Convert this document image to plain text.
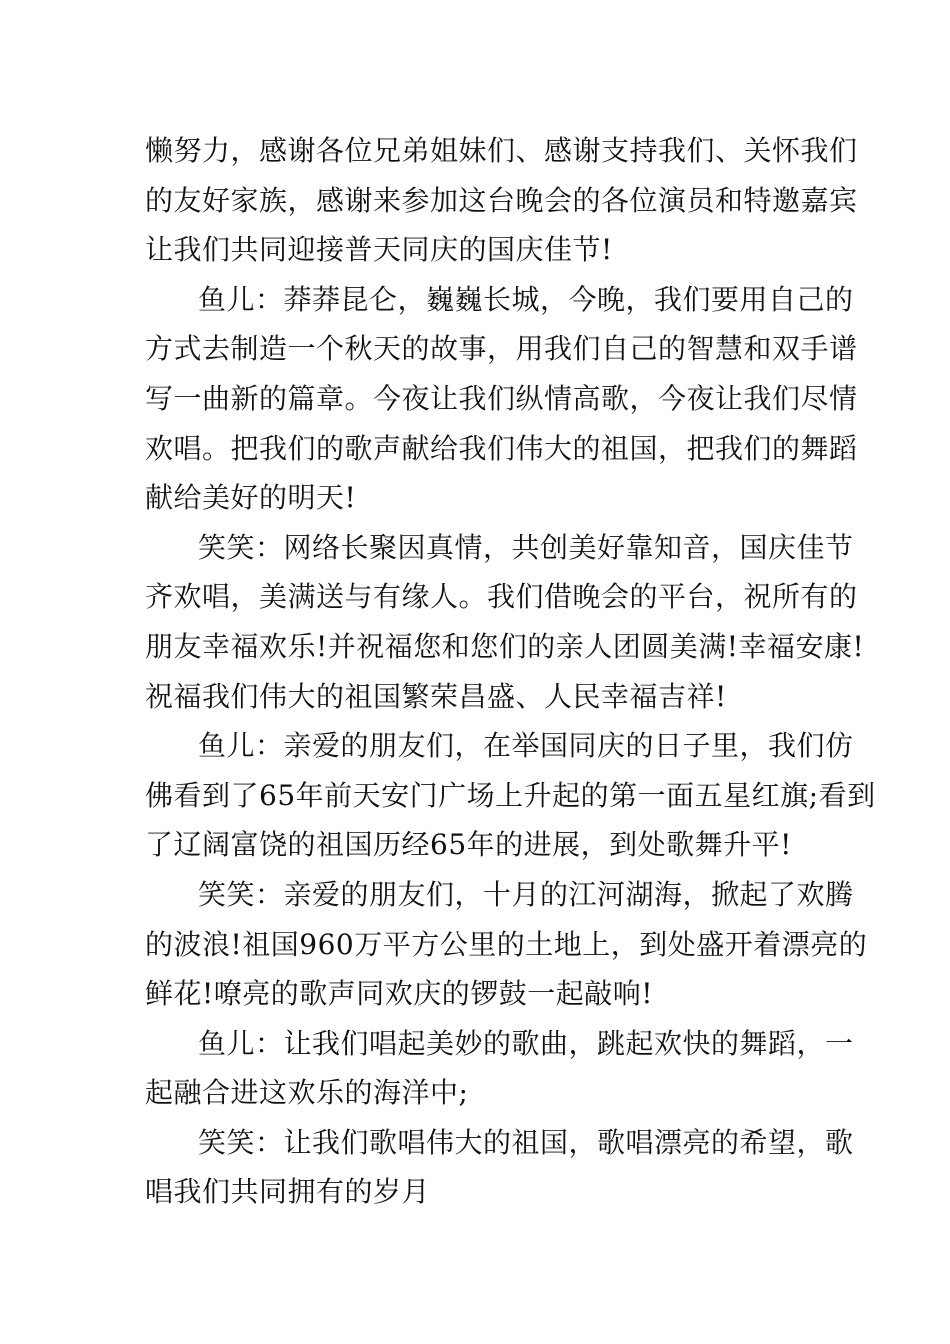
懒努力，感谢各位兄弟姐妹们、感谢支持我们、关怀我们
的友好家族，感谢来参加这台晚会的各位演员和特邀嘉宾
让我们共同迎接普天同庆的国庆佳节!
鱼儿：莽莽昆仑，巍巍长城，今晚，我们要用自己的
方式去制造一个秋天的故事，用我们自己的智慧和双手谱
写一曲新的篇章。今夜让我们纵情高歌，今夜让我们尽情
欢唱。把我们的歌声献给我们伟大的祖国，把我们的舞蹈
献给美好的明天!
笑笑：网络长聚因真情，共创美好靠知音，国庆佳节
齐欢唱，美满送与有缘人。我们借晚会的平台，祝所有的
朋友幸福欢乐!并祝福您和您们的亲人团圆美满!幸福安康!
祝福我们伟大的祖国繁荣昌盛、人民幸福吉祥!
鱼儿：亲爱的朋友们，在举国同庆的日子里，我们仿
佛看到了65年前天安门广场上升起的第一面五星红旗;看到
了辽阔富饶的祖国历经65年的进展，到处歌舞升平!
笑笑：亲爱的朋友们，十月的江河湖海，掀起了欢腾
的波浪!祖国960万平方公里的土地上，到处盛开着漂亮的
鲜花!嘹亮的歌声同欢庆的锣鼓一起敲响!
鱼儿：让我们唱起美妙的歌曲，跳起欢快的舞蹈，一
起融合进这欢乐的海洋中;
笑笑：让我们歌唱伟大的祖国，歌唱漂亮的希望，歌
唱我们共同拥有的岁月
